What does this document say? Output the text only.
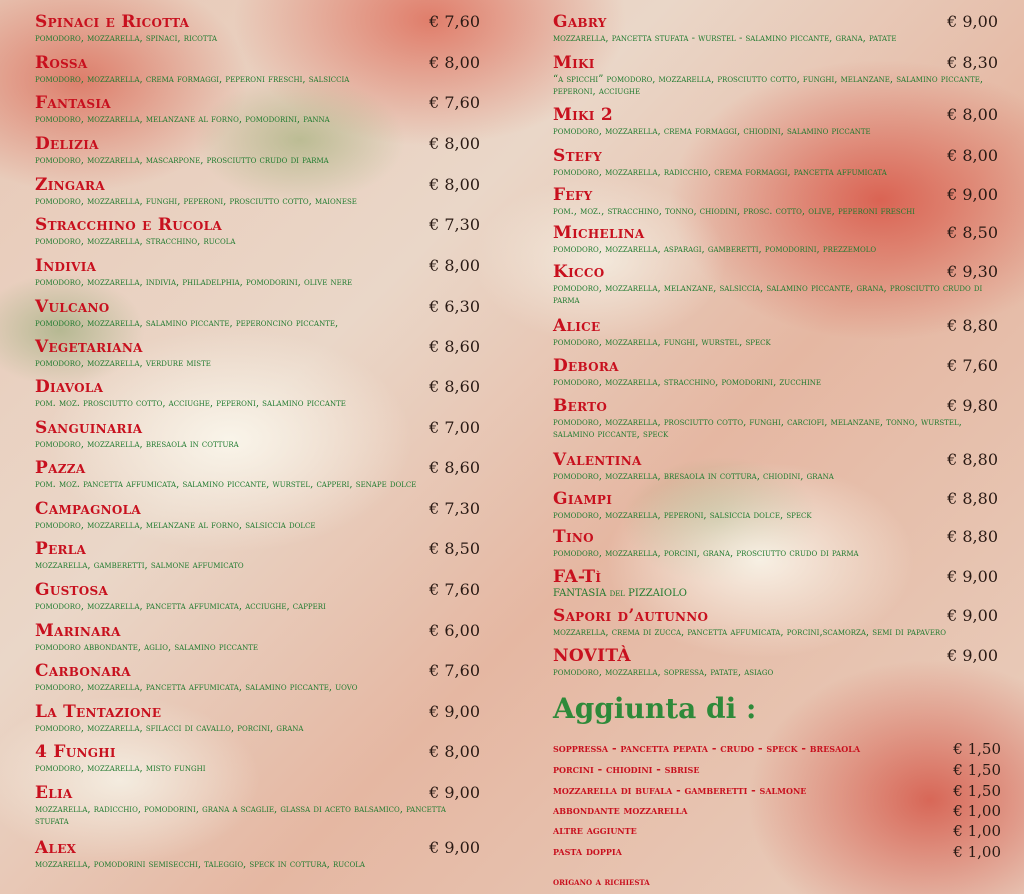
Spinaci e Ricotta	€ 7,60
pomodoro, mozzarella, spinaci, ricotta
Rossa	€ 8,00
pomodoro, mozzarella, crema formaggi, peperoni freschi, salsiccia
Fantasia	€ 7,60
pomodoro, mozzarella, melanzane al forno, pomodorini, panna
Delizia	€ 8,00
pomodoro, mozzarella, mascarpone, prosciutto crudo di parma
Zingara	€ 8,00
pomodoro, mozzarella, funghi, peperoni, prosciutto cotto, maionese
Stracchino e Rucola	€ 7,30
pomodoro, mozzarella, stracchino, rucola
Indivia	€ 8,00
pomodoro, mozzarella, indivia, philadelphia, pomodorini, olive nere
Vulcano	€ 6,30
pomodoro, mozzarella, salamino piccante, peperoncino piccante,
Vegetariana	€ 8,60
pomodoro, mozzarella, verdure miste
Diavola	€ 8,60
pom. moz. prosciutto cotto, acciughe, peperoni, salamino piccante
Sanguinaria	€ 7,00
pomodoro, mozzarella, bresaola in cottura
Pazza	€ 8,60
pom. moz. pancetta affumicata, salamino piccante, wurstel, capperi, senape dolce
Campagnola	€ 7,30
pomodoro, mozzarella, melanzane al forno, salsiccia dolce
Perla	€ 8,50
mozzarella, gamberetti, salmone affumicato
Gustosa	€ 7,60
pomodoro, mozzarella, pancetta affumicata, acciughe, capperi
Marinara	€ 6,00
pomodoro abbondante, aglio, salamino piccante
Carbonara	€ 7,60
pomodoro, mozzarella, pancetta affumicata, salamino piccante, uovo
La Tentazione	€ 9,00
pomodoro, mozzarella, sfilacci di cavallo, porcini, grana
4 Funghi	€ 8,00
pomodoro, mozzarella, misto funghi
Elia	€ 9,00
mozzarella, radicchio, pomodorini, grana a scaglie, glassa di aceto balsamico, pancetta stufata
Alex	€ 9,00
mozzarella, pomodorini semisecchi, taleggio, speck in cottura, rucola
Gabry	€ 9,00
mozzarella, pancetta stufata - wurstel - salamino piccante, grana, patate
Miki	€ 8,30
“a spicchi” pomodoro, mozzarella, prosciutto cotto, funghi, melanzane, salamino piccante, peperoni, acciughe
Miki 2	€ 8,00
pomodoro, mozzarella, crema formaggi, chiodini, salamino piccante
Stefy	€ 8,00
pomodoro, mozzarella, radicchio, crema formaggi, pancetta affumicata
Fefy	€ 9,00
pom., moz., stracchino, tonno, chiodini, prosc. cotto, olive, peperoni freschi
Michelina	€ 8,50
pomodoro, mozzarella, asparagi, gamberetti, pomodorini, prezzemolo
Kicco	€ 9,30
pomodoro, mozzarella, melanzane, salsiccia, salamino piccante, grana, prosciutto crudo di parma
Alice	€ 8,80
pomodoro, mozzarella, funghi, wurstel, speck
Debora	€ 7,60
pomodoro, mozzarella, stracchino, pomodorini, zucchine
Berto	€ 9,80
pomodoro, mozzarella, prosciutto cotto, funghi, carciofi, melanzane, tonno, wurstel, salamino piccante, speck
Valentina	€ 8,80
pomodoro, mozzarella, bresaola in cottura, chiodini, grana
Giampi	€ 8,80
pomodoro, mozzarella, peperoni, salsiccia dolce, speck
Tino	€ 8,80
pomodoro, mozzarella, porcini, grana, prosciutto crudo di parma
FA-Tì	€ 9,00
FANTASIA del PIZZAIOLO
Sapori d’autunno	€ 9,00
mozzarella, crema di zucca, pancetta affumicata, porcini,scamorza, semi di papavero
NOVITÀ	€ 9,00
pomodoro, mozzarella, sopressa, patate, asiago
Aggiunta di :
soppressa - pancetta pepata - crudo - speck - bresaola	€ 1,50
porcini - chiodini - sbrise	€ 1,50
mozzarella di bufala - gamberetti - salmone	€ 1,50
abbondante mozzarella	€ 1,00
altre aggiunte	€ 1,00
pasta doppia	€ 1,00
origano a richiesta
